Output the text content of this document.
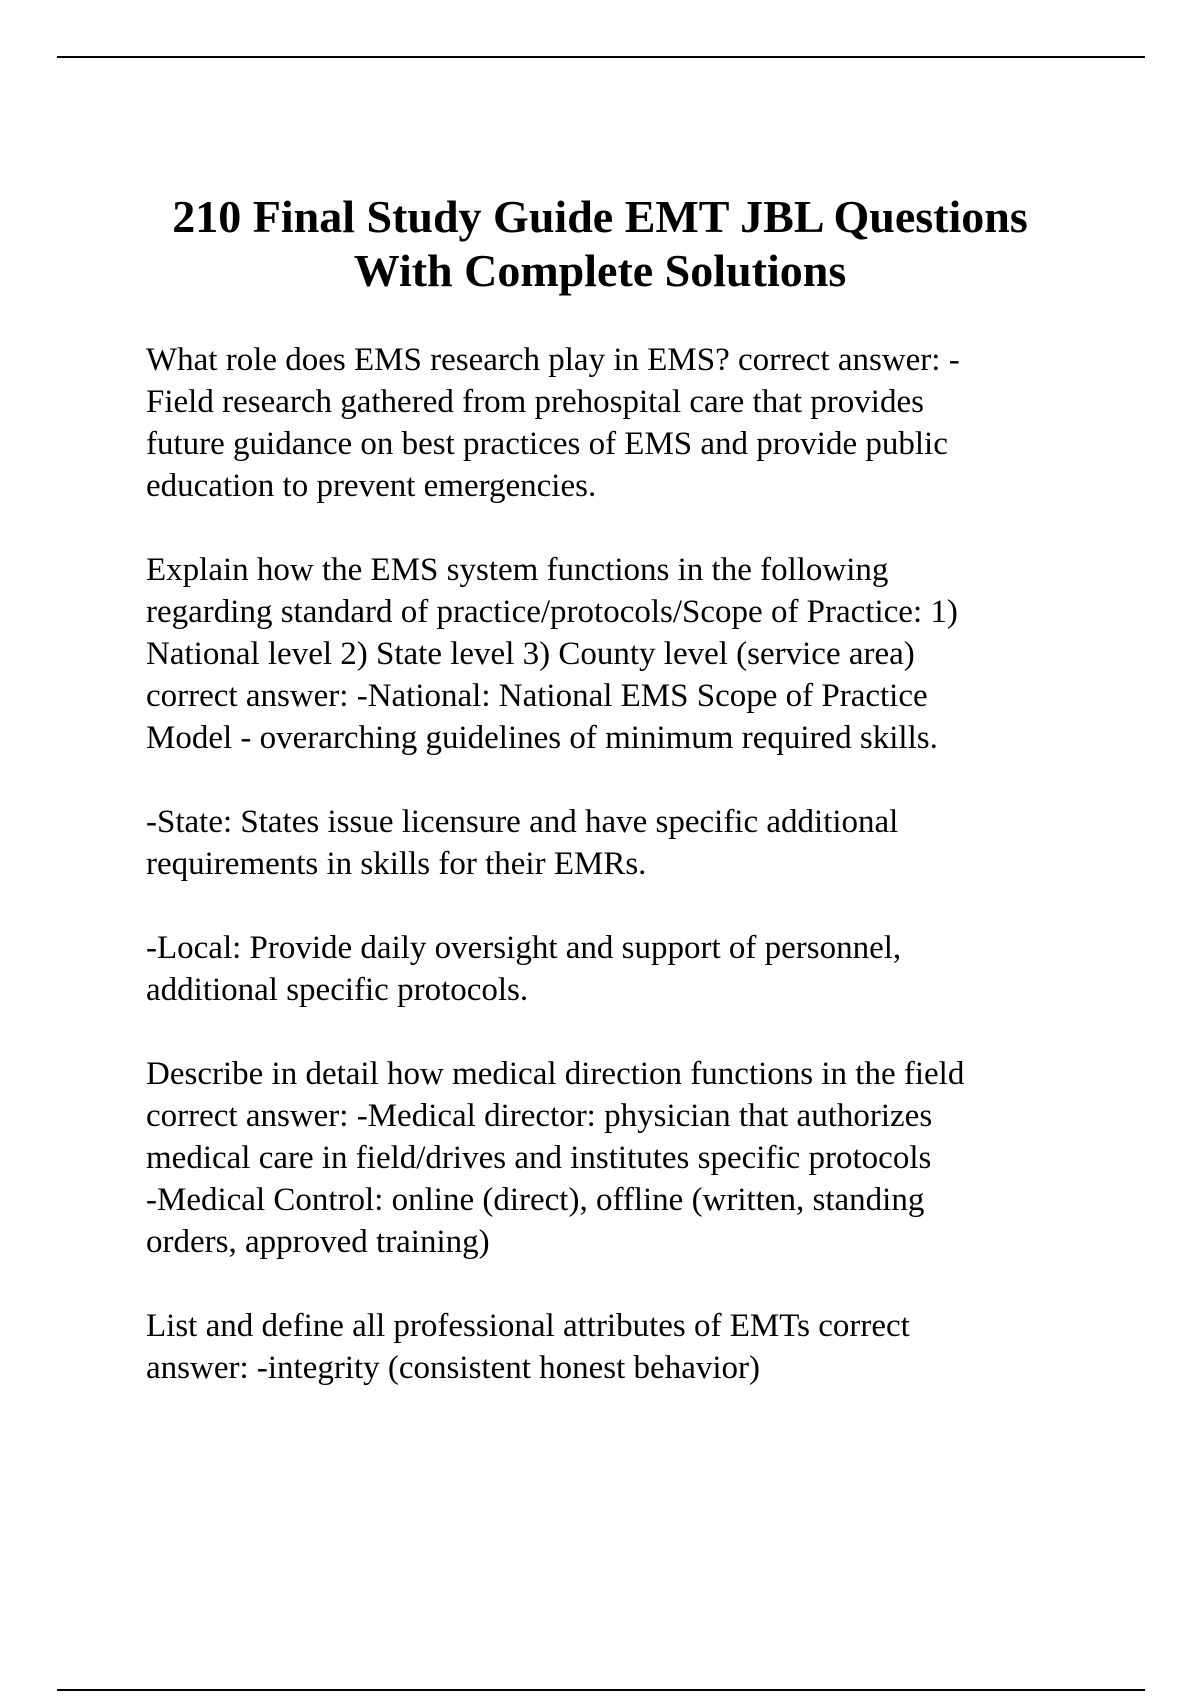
210 Final Study Guide EMT JBL Questions
With Complete Solutions

What role does EMS research play in EMS? correct answer: -
Field research gathered from prehospital care that provides
future guidance on best practices of EMS and provide public
education to prevent emergencies.

Explain how the EMS system functions in the following
regarding standard of practice/protocols/Scope of Practice: 1)
National level 2) State level 3) County level (service area)
correct answer: -National: National EMS Scope of Practice
Model - overarching guidelines of minimum required skills.

-State: States issue licensure and have specific additional
requirements in skills for their EMRs.

-Local: Provide daily oversight and support of personnel,
additional specific protocols.

Describe in detail how medical direction functions in the field
correct answer: -Medical director: physician that authorizes
medical care in field/drives and institutes specific protocols
-Medical Control: online (direct), offline (written, standing
orders, approved training)

List and define all professional attributes of EMTs correct
answer: -integrity (consistent honest behavior)
